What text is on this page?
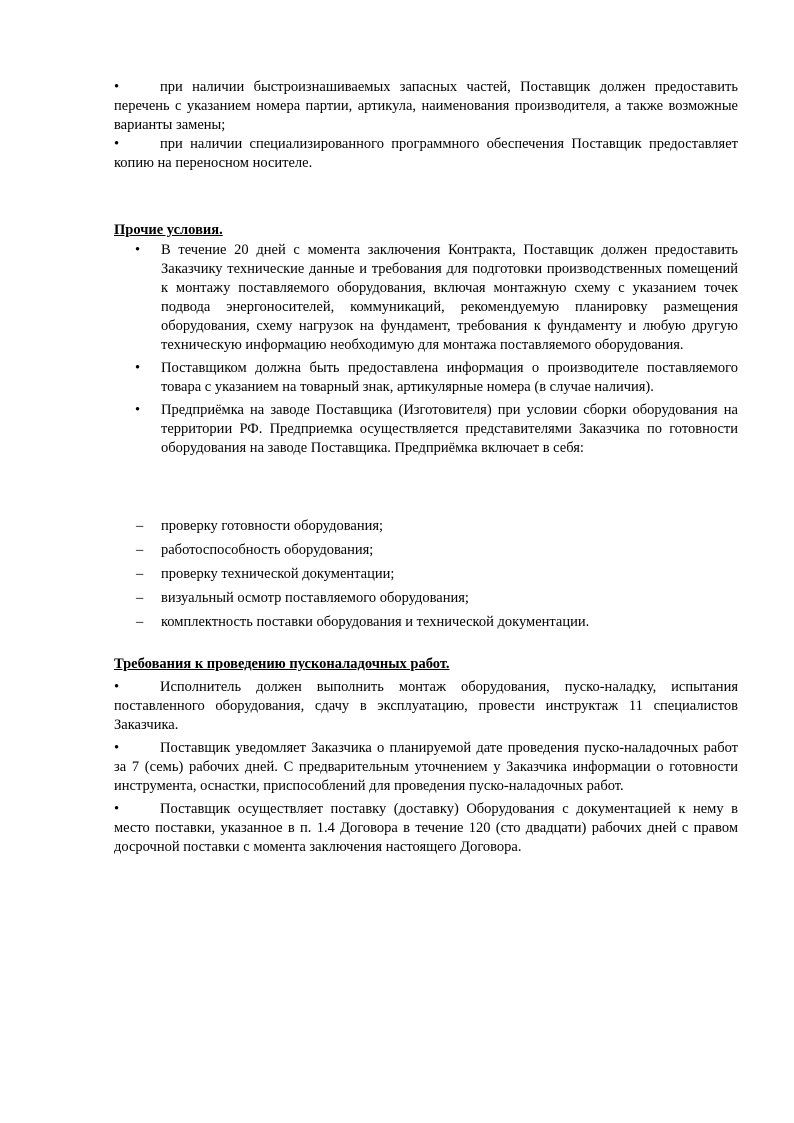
•	при наличии быстроизнашиваемых запасных частей, Поставщик должен предоставить перечень с указанием номера партии, артикула, наименования производителя, а также возможные варианты замены;

•	при наличии специализированного программного обеспечения Поставщик предоставляет копию на переносном носителе.

Прочие условия.
• В течение 20 дней с момента заключения Контракта, Поставщик должен предоставить Заказчику технические данные и требования для подготовки производственных помещений к монтажу поставляемого оборудования, включая монтажную схему с указанием точек подвода энергоносителей, коммуникаций, рекомендуемую планировку размещения оборудования, схему нагрузок на фундамент, требования к фундаменту и любую другую техническую информацию необходимую для монтажа поставляемого оборудования.
• Поставщиком должна быть предоставлена информация о производителе поставляемого товара с указанием на товарный знак, артикулярные номера (в случае наличия).
• Предприёмка на заводе Поставщика (Изготовителя) при условии сборки оборудования на территории РФ. Предприемка осуществляется представителями Заказчика по готовности оборудования на заводе Поставщика. Предприёмка включает в себя:
– проверку готовности оборудования;
– работоспособность оборудования;
– проверку технической документации;
– визуальный осмотр поставляемого оборудования;
– комплектность поставки оборудования и технической документации.
Требования к проведению пусконаладочных работ.

•	Исполнитель должен выполнить монтаж оборудования, пуско-наладку, испытания поставленного оборудования, сдачу в эксплуатацию, провести инструктаж 11 специалистов Заказчика.

•	Поставщик уведомляет Заказчика о планируемой дате проведения пуско-наладочных работ за 7 (семь) рабочих дней. С предварительным уточнением у Заказчика информации о готовности инструмента, оснастки, приспособлений для проведения пуско-наладочных работ.

•	Поставщик осуществляет поставку (доставку) Оборудования с документацией к нему в место поставки, указанное в п. 1.4 Договора в течение 120 (сто двадцати) рабочих дней с правом досрочной поставки с момента заключения настоящего Договора.
